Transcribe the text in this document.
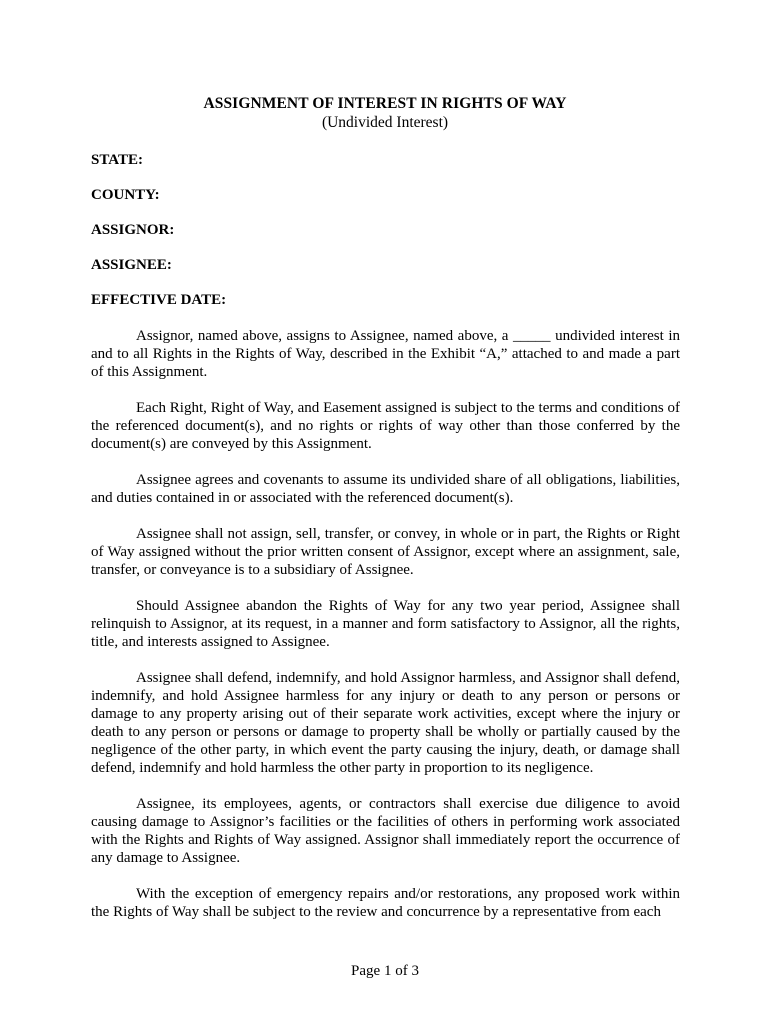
ASSIGNMENT OF INTEREST IN RIGHTS OF WAY
(Undivided Interest)
STATE:
COUNTY:
ASSIGNOR:
ASSIGNEE:
EFFECTIVE DATE:

Assignor, named above, assigns to Assignee, named above, a _____ undivided interest in and to all Rights in the Rights of Way, described in the Exhibit “A,” attached to and made a part of this Assignment.

Each Right, Right of Way, and Easement assigned is subject to the terms and conditions of the referenced document(s), and no rights or rights of way other than those conferred by the document(s) are conveyed by this Assignment.

Assignee agrees and covenants to assume its undivided share of all obligations, liabilities, and duties contained in or associated with the referenced document(s).

Assignee shall not assign, sell, transfer, or convey, in whole or in part, the Rights or Right of Way assigned without the prior written consent of Assignor, except where an assignment, sale, transfer, or conveyance is to a subsidiary of Assignee.

Should Assignee abandon the Rights of Way for any two year period, Assignee shall relinquish to Assignor, at its request, in a manner and form satisfactory to Assignor, all the rights, title, and interests assigned to Assignee.

Assignee shall defend, indemnify, and hold Assignor harmless, and Assignor shall defend, indemnify, and hold Assignee harmless for any injury or death to any person or persons or damage to any property arising out of their separate work activities, except where the injury or death to any person or persons or damage to property shall be wholly or partially caused by the negligence of the other party, in which event the party causing the injury, death, or damage shall defend, indemnify and hold harmless the other party in proportion to its negligence.

Assignee, its employees, agents, or contractors shall exercise due diligence to avoid causing damage to Assignor’s facilities or the facilities of others in performing work associated with the Rights and Rights of Way assigned. Assignor shall immediately report the occurrence of any damage to Assignee.

With the exception of emergency repairs and/or restorations, any proposed work within the Rights of Way shall be subject to the review and concurrence by a representative from each

Page 1 of 3
